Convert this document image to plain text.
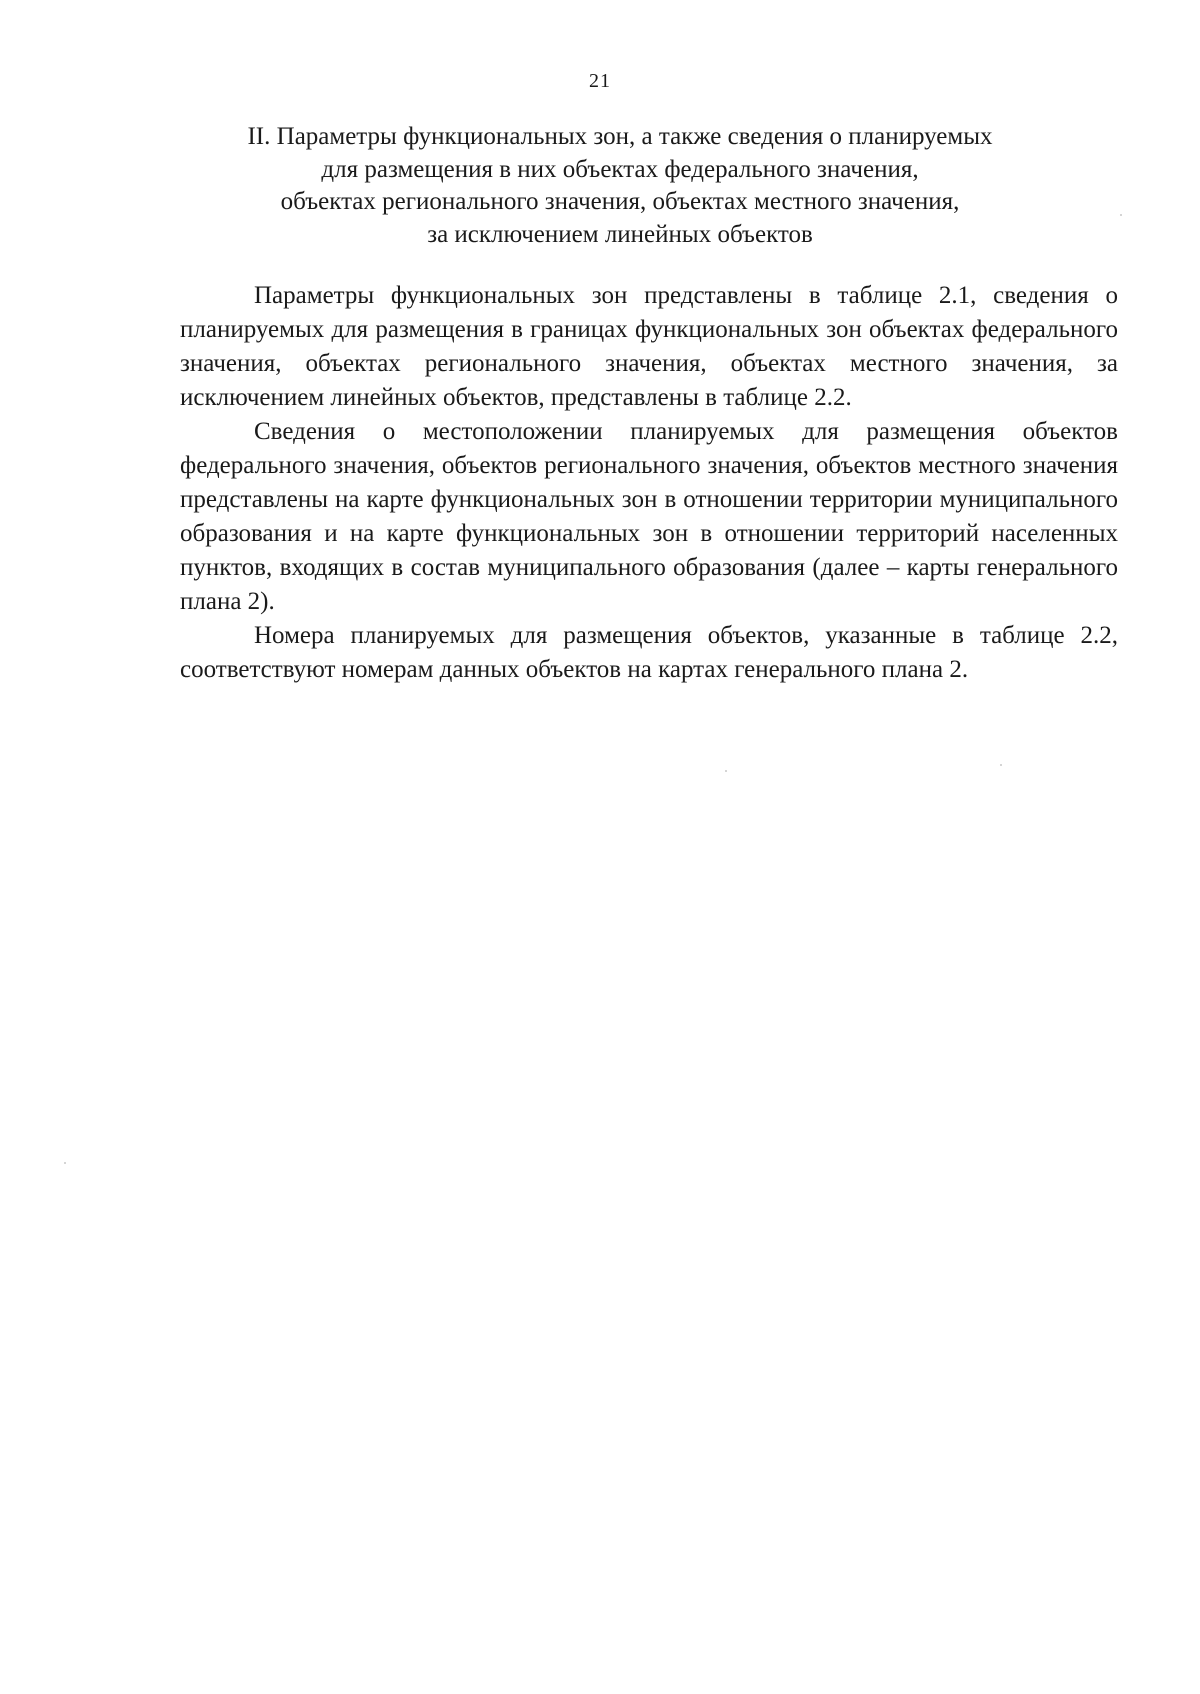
21
II. Параметры функциональных зон, а также сведения о планируемых
для размещения в них объектах федерального значения,
объектах регионального значения, объектах местного значения,
за исключением линейных объектов

Параметры функциональных зон представлены в таблице 2.1, сведения о планируемых для размещения в границах функциональных зон объектах федерального значения, объектах регионального значения, объектах местного значения, за исключением линейных объектов, представлены в таблице 2.2.

Сведения о местоположении планируемых для размещения объектов федерального значения, объектов регионального значения, объектов местного значения представлены на карте функциональных зон в отношении территории муниципального образования и на карте функциональных зон в отношении территорий населенных пунктов, входящих в состав муниципального образования (далее – карты генерального плана 2).

Номера планируемых для размещения объектов, указанные в таблице 2.2, соответствуют номерам данных объектов на картах генерального плана 2.
